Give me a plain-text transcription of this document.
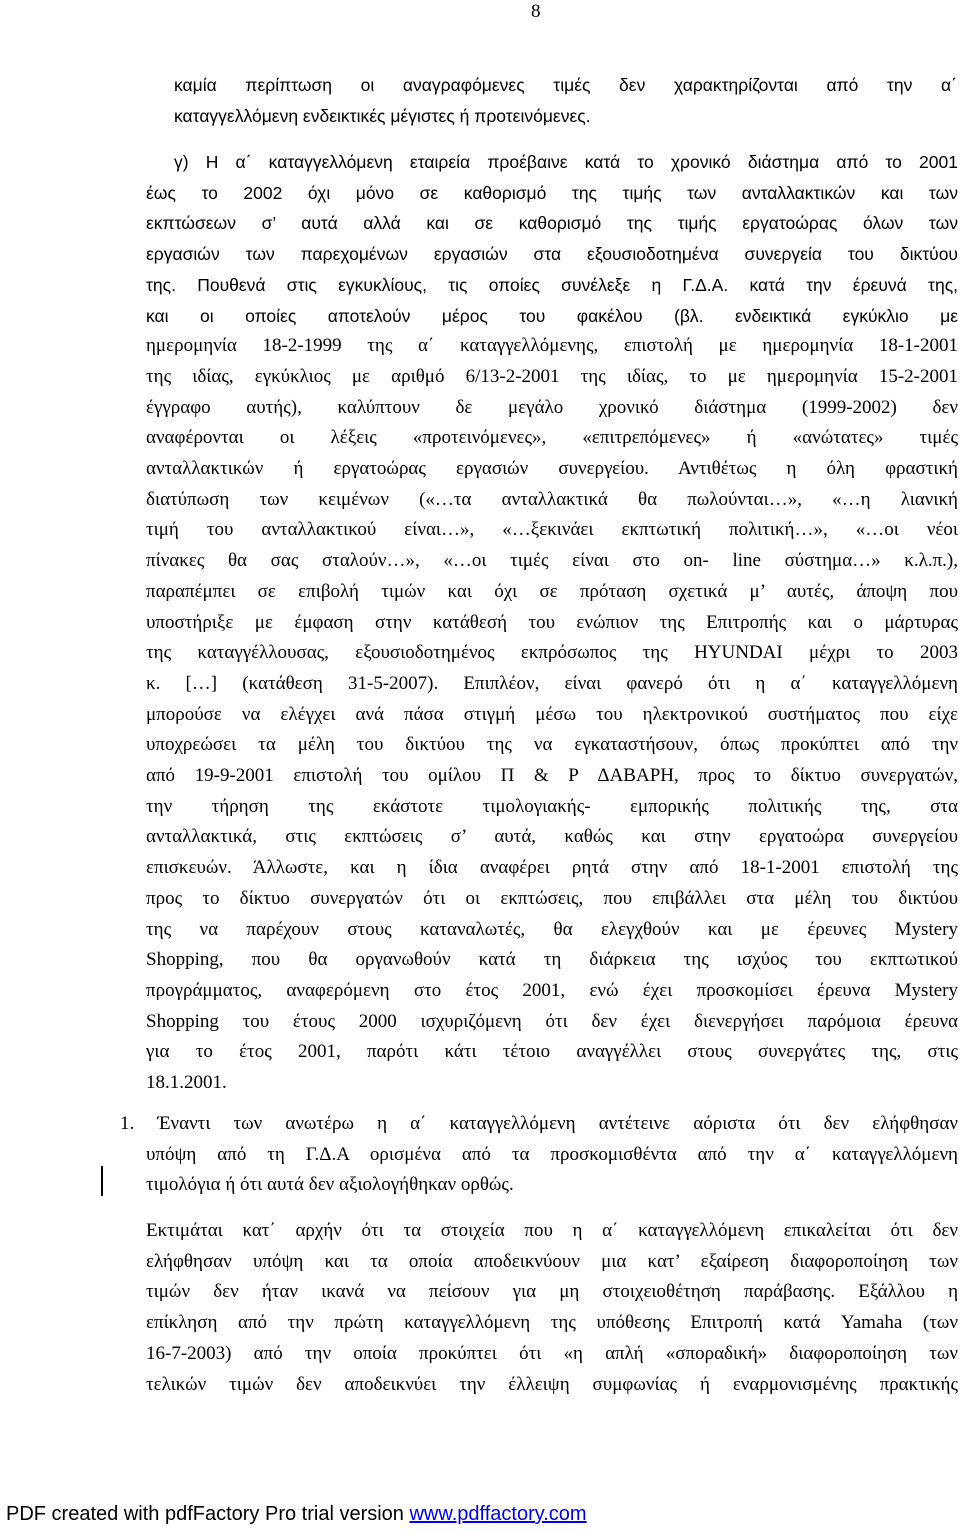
8

καμία περίπτωση οι αναγραφόμενες τιμές δεν χαρακτηρίζονται από την α΄
καταγγελλόμενη ενδεικτικές μέγιστες ή προτεινόμενες.

γ) Η α΄ καταγγελλόμενη εταιρεία προέβαινε κατά το χρονικό διάστημα από το 2001
έως το 2002 όχι μόνο σε καθορισμό της τιμής των ανταλλακτικών και των
εκπτώσεων σ’ αυτά αλλά και σε καθορισμό της τιμής εργατοώρας όλων των
εργασιών των παρεχομένων εργασιών στα εξουσιοδοτημένα συνεργεία του δικτύου
της. Πουθενά στις εγκυκλίους, τις οποίες συνέλεξε η Γ.Δ.Α. κατά την έρευνά της,
και οι οποίες αποτελούν μέρος του φακέλου (βλ. ενδεικτικά εγκύκλιο με
ημερομηνία 18-2-1999 της α΄ καταγγελλόμενης, επιστολή με ημερομηνία 18-1-2001
της ιδίας, εγκύκλιος με αριθμό 6/13-2-2001 της ιδίας, το με ημερομηνία 15-2-2001
έγγραφο αυτής), καλύπτουν δε μεγάλο χρονικό διάστημα (1999-2002) δεν
αναφέρονται οι λέξεις «προτεινόμενες», «επιτρεπόμενες» ή «ανώτατες» τιμές
ανταλλακτικών ή εργατοώρας εργασιών συνεργείου. Αντιθέτως η όλη φραστική
διατύπωση των κειμένων («…τα ανταλλακτικά θα πωλούνται…», «…η λιανική
τιμή του ανταλλακτικού είναι…», «…ξεκινάει εκπτωτική πολιτική…», «…οι νέοι
πίνακες θα σας σταλούν…», «…οι τιμές είναι στο on- line σύστημα…» κ.λ.π.),
παραπέμπει σε επιβολή τιμών και όχι σε πρόταση σχετικά μ’ αυτές, άποψη που
υποστήριξε με έμφαση στην κατάθεσή του ενώπιον της Επιτροπής και ο μάρτυρας
της καταγγέλλουσας, εξουσιοδοτημένος εκπρόσωπος της HYUNDAI μέχρι το 2003
κ. […] (κατάθεση 31-5-2007). Επιπλέον, είναι φανερό ότι η α΄ καταγγελλόμενη
μπορούσε να ελέγχει ανά πάσα στιγμή μέσω του ηλεκτρονικού συστήματος που είχε
υποχρεώσει τα μέλη του δικτύου της να εγκαταστήσουν, όπως προκύπτει από την
από 19-9-2001 επιστολή του ομίλου Π & Ρ ΔΑΒΑΡΗ, προς το δίκτυο συνεργατών,
την τήρηση της εκάστοτε τιμολογιακής- εμπορικής πολιτικής της, στα
ανταλλακτικά, στις εκπτώσεις σ’ αυτά, καθώς και στην εργατοώρα συνεργείου
επισκευών. Άλλωστε, και η ίδια αναφέρει ρητά στην από 18-1-2001 επιστολή της
προς το δίκτυο συνεργατών ότι οι εκπτώσεις, που επιβάλλει στα μέλη του δικτύου
της να παρέχουν στους καταναλωτές, θα ελεγχθούν και με έρευνες Mystery
Shopping, που θα οργανωθούν κατά τη διάρκεια της ισχύος του εκπτωτικού
προγράμματος, αναφερόμενη στο έτος 2001, ενώ έχει προσκομίσει έρευνα Mystery
Shopping του έτους 2000 ισχυριζόμενη ότι δεν έχει διενεργήσει παρόμοια έρευνα
για το έτος 2001, παρότι κάτι τέτοιο αναγγέλλει στους συνεργάτες της, στις
18.1.2001.
1. Έναντι των ανωτέρω η α΄ καταγγελλόμενη αντέτεινε αόριστα ότι δεν ελήφθησαν
υπόψη από τη Γ.Δ.Α ορισμένα από τα προσκομισθέντα από την α΄ καταγγελλόμενη
τιμολόγια ή ότι αυτά δεν αξιολογήθηκαν ορθώς.
Εκτιμάται κατ΄ αρχήν ότι τα στοιχεία που η α΄ καταγγελλόμενη επικαλείται ότι δεν
ελήφθησαν υπόψη και τα οποία αποδεικνύουν μια κατ’ εξαίρεση διαφοροποίηση των
τιμών δεν ήταν ικανά να πείσουν για μη στοιχειοθέτηση παράβασης. Εξάλλου η
επίκληση από την πρώτη καταγγελλόμενη της υπόθεσης Επιτροπή κατά Yamaha (των
16-7-2003) από την οποία προκύπτει ότι «η απλή «σποραδική» διαφοροποίηση των
τελικών τιμών δεν αποδεικνύει την έλλειψη συμφωνίας ή εναρμονισμένης πρακτικής
PDF created with pdfFactory Pro trial version www.pdffactory.com
